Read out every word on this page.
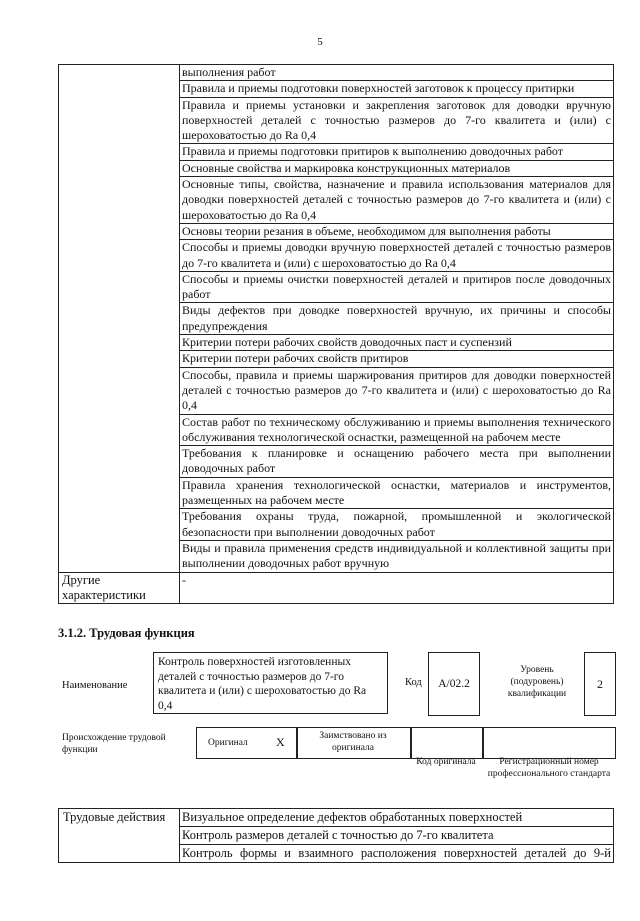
5
	выполнения работ
	Правила и приемы подготовки поверхностей заготовок к процессу притирки
	Правила и приемы установки и закрепления заготовок для доводки вручную поверхностей деталей с точностью размеров до 7-го квалитета и (или) с шероховатостью до Ra 0,4
	Правила и приемы подготовки притиров к выполнению доводочных работ
	Основные свойства и маркировка конструкционных материалов
	Основные типы, свойства, назначение и правила использования материалов для доводки поверхностей деталей с точностью размеров до 7-го квалитета и (или) с шероховатостью до Ra 0,4
	Основы теории резания в объеме, необходимом для выполнения работы
	Способы и приемы доводки вручную поверхностей деталей с точностью размеров до 7-го квалитета и (или) с шероховатостью до Ra 0,4
	Способы и приемы очистки поверхностей деталей и притиров после доводочных работ
	Виды дефектов при доводке поверхностей вручную, их причины и способы предупреждения
	Критерии потери рабочих свойств доводочных паст и суспензий
	Критерии потери рабочих свойств притиров
	Способы, правила и приемы шаржирования притиров для доводки поверхностей деталей с точностью размеров до 7-го квалитета и (или) с шероховатостью до Ra 0,4
	Состав работ по техническому обслуживанию и приемы выполнения технического обслуживания технологической оснастки, размещенной на рабочем месте
	Требования к планировке и оснащению рабочего места при выполнении доводочных работ
	Правила хранения технологической оснастки, материалов и инструментов, размещенных на рабочем месте
	Требования охраны труда, пожарной, промышленной и экологической безопасности при выполнении доводочных работ
	Виды и правила применения средств индивидуальной и коллективной защиты при выполнении доводочных работ вручную
Другие характеристики	-
3.1.2. Трудовая функция
Наименование
Контроль поверхностей изготовленных деталей с точностью размеров до 7-го квалитета и (или) с шероховатостью до Ra 0,4
Код	A/02.2
Уровень (подуровень) квалификации
2
Происхождение трудовой функции
Оригинал X	Заимствовано из оригинала
Код оригинала	Регистрационный номер профессионального стандарта
Трудовые действия	Визуальное определение дефектов обработанных поверхностей
Контроль размеров деталей с точностью до 7-го квалитета
Контроль формы и взаимного расположения поверхностей деталей до 9-й
